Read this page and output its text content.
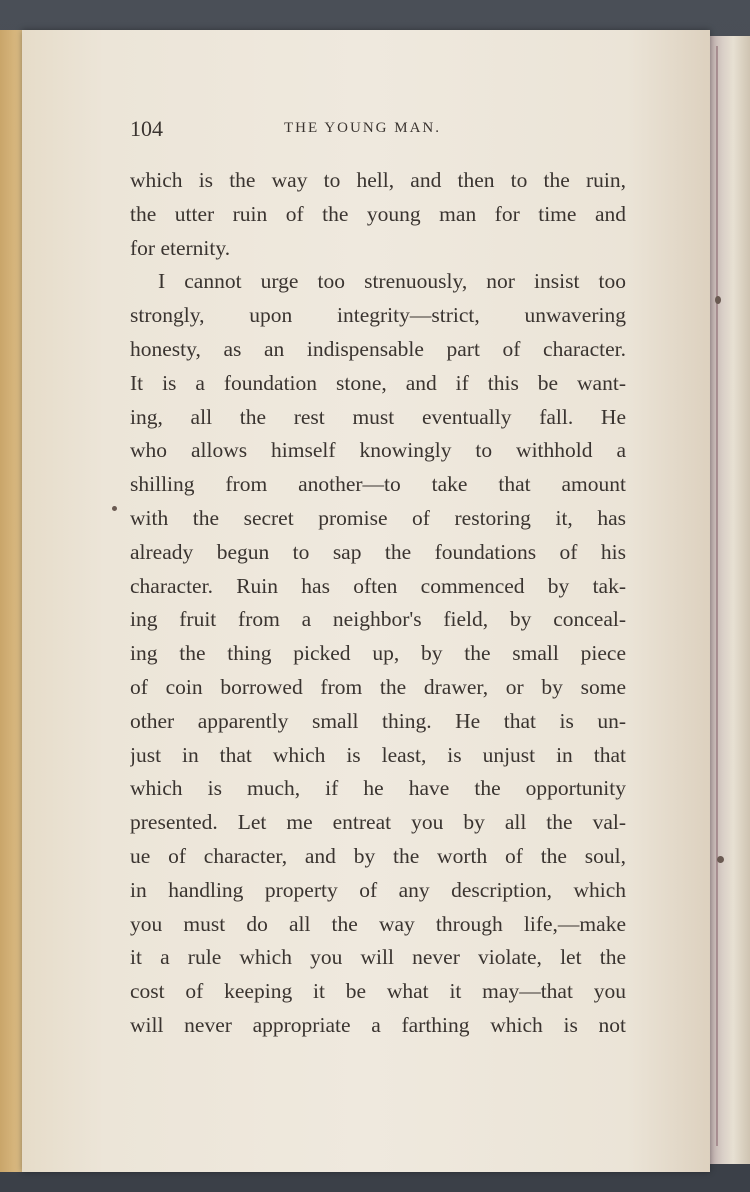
104	THE YOUNG MAN.
which is the way to hell, and then to the ruin,
the utter ruin of the young man for time and
for eternity.
I cannot urge too strenuously, nor insist too
strongly, upon integrity—strict, unwavering
honesty, as an indispensable part of character.
It is a foundation stone, and if this be want-
ing, all the rest must eventually fall. He
who allows himself knowingly to withhold a
shilling from another—to take that amount
with the secret promise of restoring it, has
already begun to sap the foundations of his
character. Ruin has often commenced by tak-
ing fruit from a neighbor's field, by conceal-
ing the thing picked up, by the small piece
of coin borrowed from the drawer, or by some
other apparently small thing. He that is un-
just in that which is least, is unjust in that
which is much, if he have the opportunity
presented. Let me entreat you by all the val-
ue of character, and by the worth of the soul,
in handling property of any description, which
you must do all the way through life,—make
it a rule which you will never violate, let the
cost of keeping it be what it may—that you
will never appropriate a farthing which is not
